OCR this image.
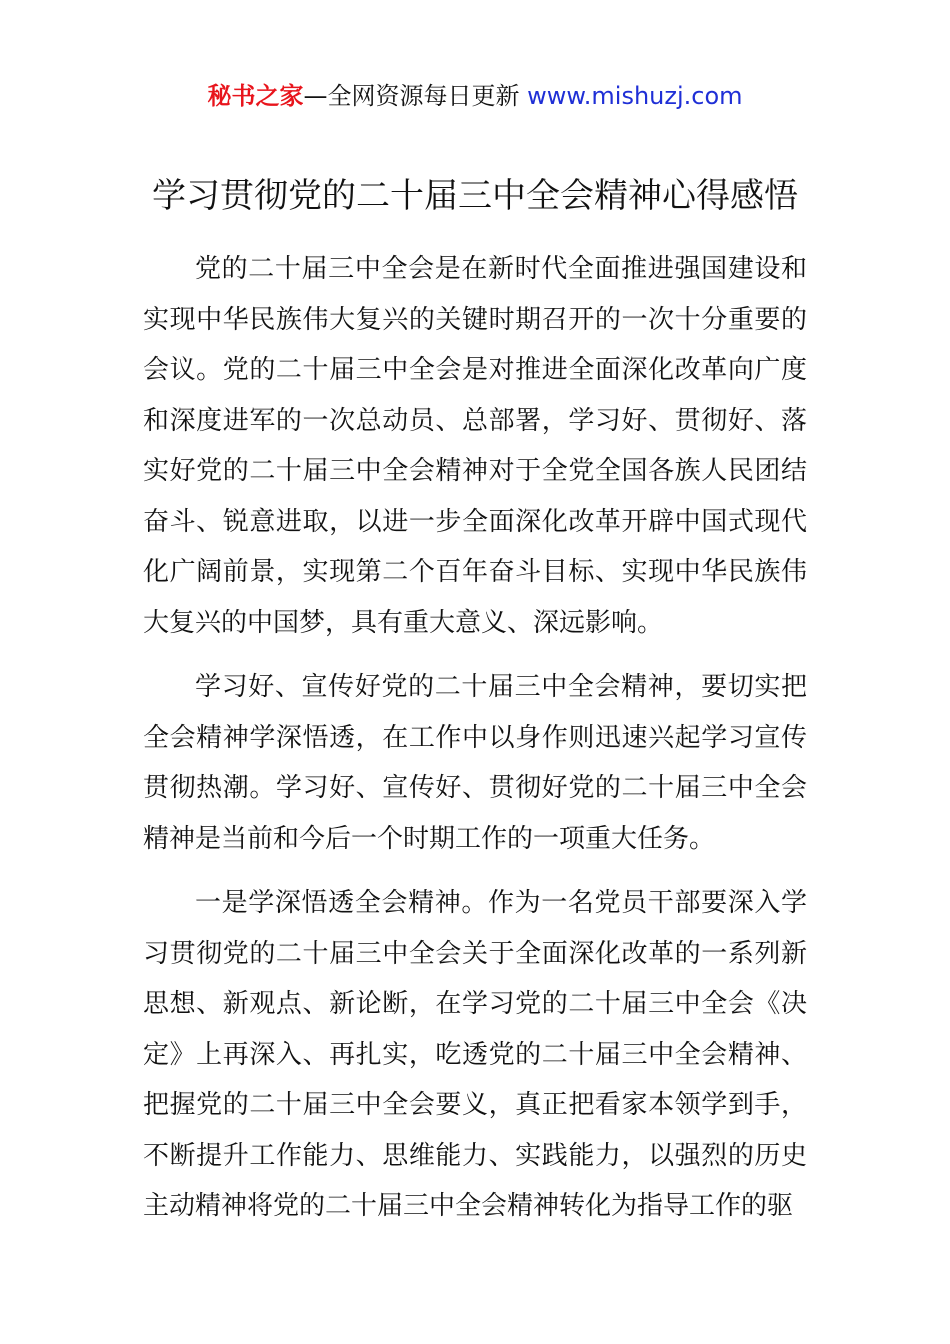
秘书之家—全网资源每日更新 www.mishuzj.com
学习贯彻党的二十届三中全会精神心得感悟

党的二十届三中全会是在新时代全面推进强国建设和实现中华民族伟大复兴的关键时期召开的一次十分重要的会议。党的二十届三中全会是对推进全面深化改革向广度和深度进军的一次总动员、总部署，学习好、贯彻好、落实好党的二十届三中全会精神对于全党全国各族人民团结奋斗、锐意进取，以进一步全面深化改革开辟中国式现代化广阔前景，实现第二个百年奋斗目标、实现中华民族伟大复兴的中国梦，具有重大意义、深远影响。

学习好、宣传好党的二十届三中全会精神，要切实把全会精神学深悟透，在工作中以身作则迅速兴起学习宣传贯彻热潮。学习好、宣传好、贯彻好党的二十届三中全会精神是当前和今后一个时期工作的一项重大任务。

一是学深悟透全会精神。作为一名党员干部要深入学习贯彻党的二十届三中全会关于全面深化改革的一系列新思想、新观点、新论断，在学习党的二十届三中全会《决定》上再深入、再扎实，吃透党的二十届三中全会精神、把握党的二十届三中全会要义，真正把看家本领学到手，不断提升工作能力、思维能力、实践能力，以强烈的历史主动精神将党的二十届三中全会精神转化为指导工作的驱
